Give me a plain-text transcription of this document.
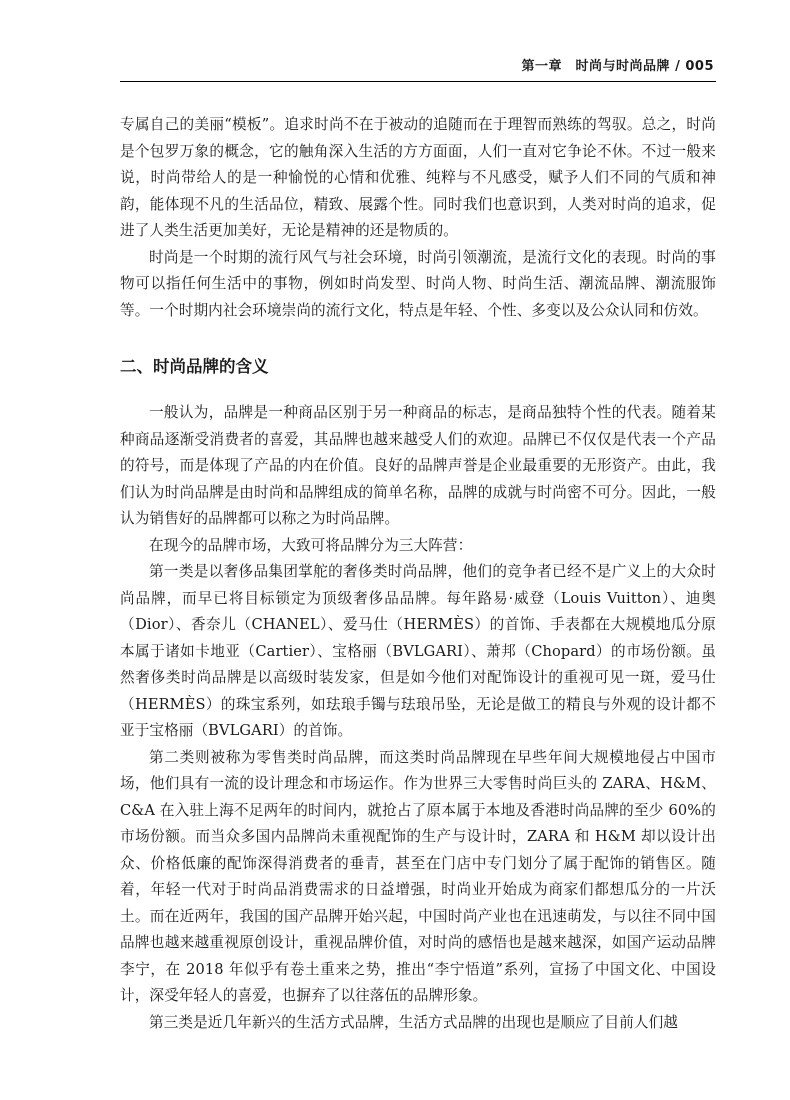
第一章　时尚与时尚品牌 / 005

专属自己的美丽“模板”。追求时尚不在于被动的追随而在于理智而熟练的驾驭。总之，时尚是个包罗万象的概念，它的触角深入生活的方方面面，人们一直对它争论不休。不过一般来说，时尚带给人的是一种愉悦的心情和优雅、纯粹与不凡感受，赋予人们不同的气质和神韵，能体现不凡的生活品位，精致、展露个性。同时我们也意识到，人类对时尚的追求，促进了人类生活更加美好，无论是精神的还是物质的。

时尚是一个时期的流行风气与社会环境，时尚引领潮流，是流行文化的表现。时尚的事物可以指任何生活中的事物，例如时尚发型、时尚人物、时尚生活、潮流品牌、潮流服饰等。一个时期内社会环境崇尚的流行文化，特点是年轻、个性、多变以及公众认同和仿效。

二、时尚品牌的含义

一般认为，品牌是一种商品区别于另一种商品的标志，是商品独特个性的代表。随着某种商品逐渐受消费者的喜爱，其品牌也越来越受人们的欢迎。品牌已不仅仅是代表一个产品的符号，而是体现了产品的内在价值。良好的品牌声誉是企业最重要的无形资产。由此，我们认为时尚品牌是由时尚和品牌组成的简单名称，品牌的成就与时尚密不可分。因此，一般认为销售好的品牌都可以称之为时尚品牌。

在现今的品牌市场，大致可将品牌分为三大阵营：

第一类是以奢侈品集团掌舵的奢侈类时尚品牌，他们的竞争者已经不是广义上的大众时尚品牌，而早已将目标锁定为顶级奢侈品品牌。每年路易·威登（Louis Vuitton）、迪奥（Dior）、香奈儿（CHANEL）、爱马仕（HERMÈS）的首饰、手表都在大规模地瓜分原本属于诸如卡地亚（Cartier）、宝格丽（BVLGARI）、萧邦（Chopard）的市场份额。虽然奢侈类时尚品牌是以高级时装发家，但是如今他们对配饰设计的重视可见一斑，爱马仕（HERMÈS）的珠宝系列，如珐琅手镯与珐琅吊坠，无论是做工的精良与外观的设计都不亚于宝格丽（BVLGARI）的首饰。

第二类则被称为零售类时尚品牌，而这类时尚品牌现在早些年间大规模地侵占中国市场，他们具有一流的设计理念和市场运作。作为世界三大零售时尚巨头的 ZARA、H&M、C&A 在入驻上海不足两年的时间内，就抢占了原本属于本地及香港时尚品牌的至少 60%的市场份额。而当众多国内品牌尚未重视配饰的生产与设计时，ZARA 和 H&M 却以设计出众、价格低廉的配饰深得消费者的垂青，甚至在门店中专门划分了属于配饰的销售区。随着，年轻一代对于时尚品消费需求的日益增强，时尚业开始成为商家们都想瓜分的一片沃土。而在近两年，我国的国产品牌开始兴起，中国时尚产业也在迅速萌发，与以往不同中国品牌也越来越重视原创设计，重视品牌价值，对时尚的感悟也是越来越深，如国产运动品牌李宁，在 2018 年似乎有卷土重来之势，推出“李宁悟道”系列，宣扬了中国文化、中国设计，深受年轻人的喜爱，也摒弃了以往落伍的品牌形象。

第三类是近几年新兴的生活方式品牌，生活方式品牌的出现也是顺应了目前人们越
